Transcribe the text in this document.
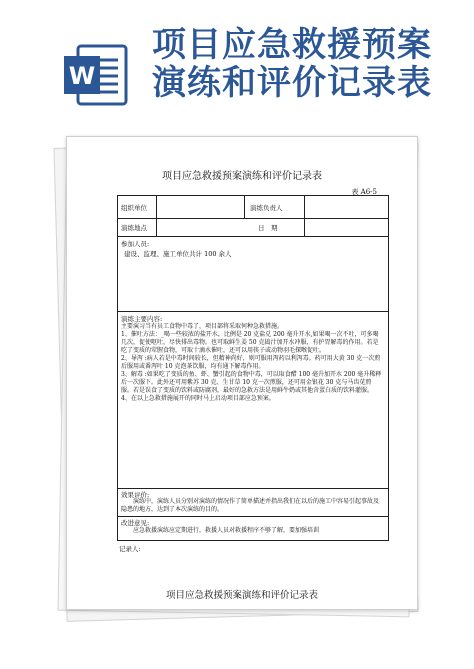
W
项目应急救援预案
演练和评价记录表
项目应急救援预案演练和评价记录表
表 A6-5
组织单位	演练负责人
演练地点	日　期
参加人员:
建设、监理、施工单位共计 100 余人
演练主要内容:
主要演习当有员工食物中毒了，项目部将采取何种急救措施。
1、催吐方法：_喝一些较浓的盐开水，比例是 20 克盐兑 200 毫升开水,如果喝一次不吐，可多喝几次，促使呕吐，尽快排出毒物。也可取鲜生姜 50 克捣汁加开水冲服，有护胃解毒的作用。若是吃了变质的荤腥食物，可取十滴水催吐，还可以用筷子或动物羽毛探喉促吐。
2、导泻 :病人若是中毒时间较长，但精神尚好，则可服用泻药以利泻毒。药可用大黄 30 克一次煎后服用或番泻叶 10 克泡茶饮服，均有通下解毒作用。
3、解毒 :如果吃了变质的鱼、虾、蟹引起的食物中毒，可以取食醋 100 毫升加开水 200 毫升稀释后一次服下。此外还可用紫苏 30 克、生甘草 10 克一次煎服，还可用金银花 30 克与马齿苋煎服。若是误食了变质的饮料或防腐剂，最好的急救方法是用鲜牛奶或其他含蛋白质的饮料灌服。
4、在以上急救措施展开的同时马上启动项目部应急预案。
效果评价:
演练中，演练人员分别对演练的情况作了简单描述并指出我们在以后的施工中容易引起事故及隐患的地方，达到了本次演练的目的。
改进意见:
应急救援演练应定期进行，救援人员对救援程序不够了解，要加强培训
记录人:
项目应急救援预案演练和评价记录表
